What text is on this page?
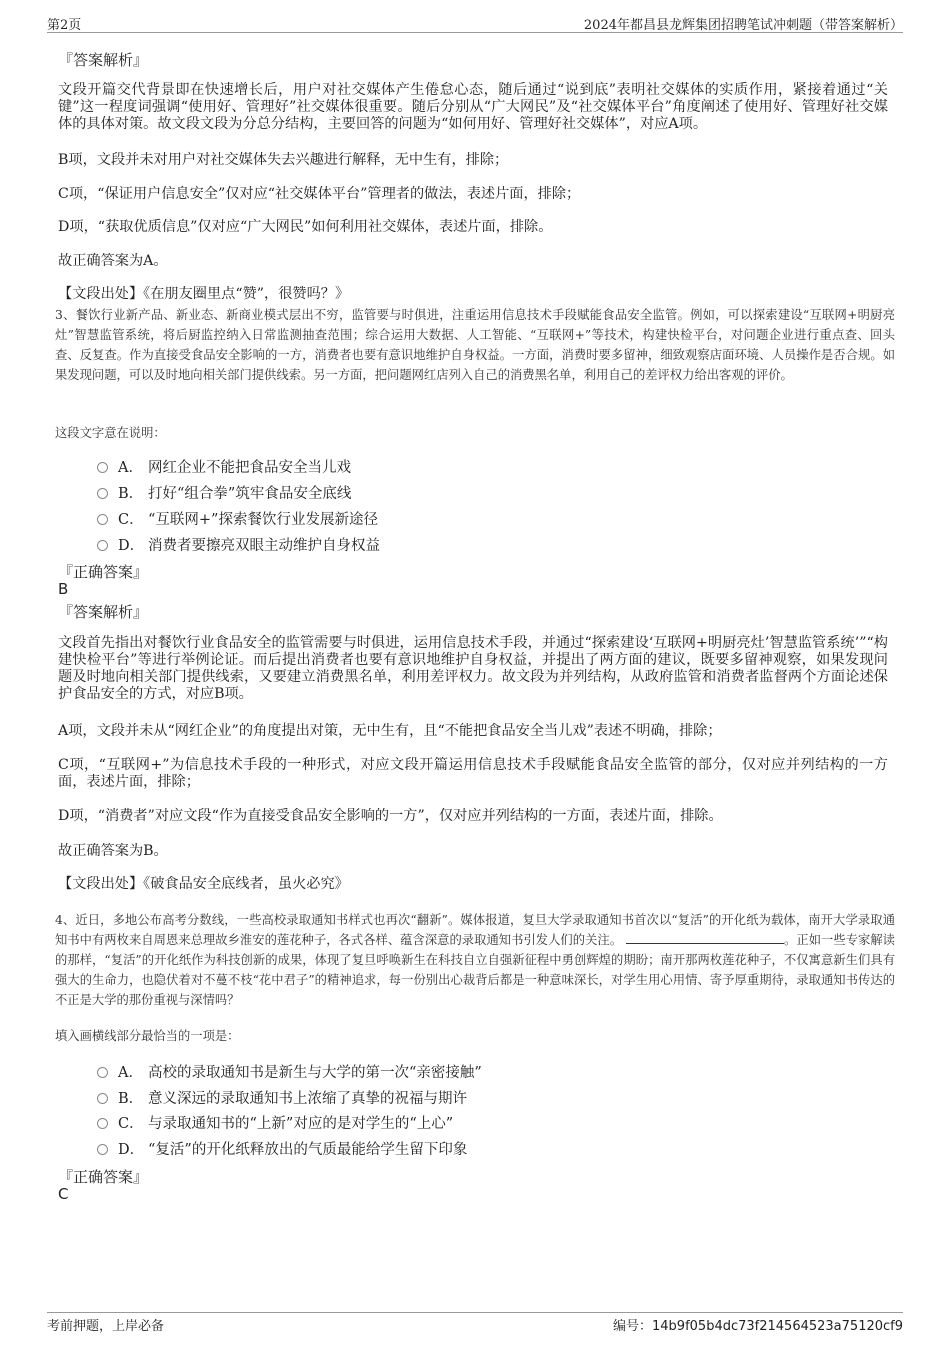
第2页	2024年都昌县龙辉集团招聘笔试冲刺题（带答案解析）
『答案解析』
文段开篇交代背景即在快速增长后，用户对社交媒体产生倦怠心态，随后通过“说到底”表明社交媒体的实质作用，紧接着通过“关键”这一程度词强调“使用好、管理好”社交媒体很重要。随后分别从“广大网民”及“社交媒体平台”角度阐述了使用好、管理好社交媒体的具体对策。故文段文段为分总分结构，主要回答的问题为“如何用好、管理好社交媒体”，对应A项。
B项，文段并未对用户对社交媒体失去兴趣进行解释，无中生有，排除；
C项，“保证用户信息安全”仅对应“社交媒体平台”管理者的做法，表述片面，排除；
D项，“获取优质信息”仅对应“广大网民”如何利用社交媒体，表述片面，排除。
故正确答案为A。
【文段出处】《在朋友圈里点“赞”，很赞吗？》
3、餐饮行业新产品、新业态、新商业模式层出不穷，监管要与时俱进，注重运用信息技术手段赋能食品安全监管。例如，可以探索建设“互联网+明厨亮灶”智慧监管系统，将后厨监控纳入日常监测抽查范围；综合运用大数据、人工智能、“互联网+”等技术，构建快检平台，对问题企业进行重点查、回头查、反复查。作为直接受食品安全影响的一方，消费者也要有意识地维护自身权益。一方面，消费时要多留神，细致观察店面环境、人员操作是否合规。如果发现问题，可以及时地向相关部门提供线索。另一方面，把问题网红店列入自己的消费黑名单，利用自己的差评权力给出客观的评价。
这段文字意在说明：
A． 网红企业不能把食品安全当儿戏
B． 打好“组合拳”筑牢食品安全底线
C． “互联网+”探索餐饮行业发展新途径
D． 消费者要擦亮双眼主动维护自身权益
『正确答案』
B
『答案解析』
文段首先指出对餐饮行业食品安全的监管需要与时俱进，运用信息技术手段，并通过“探索建设‘互联网+明厨亮灶’智慧监管系统’”“构建快检平台”等进行举例论证。而后提出消费者也要有意识地维护自身权益，并提出了两方面的建议，既要多留神观察，如果发现问题及时地向相关部门提供线索，又要建立消费黑名单，利用差评权力。故文段为并列结构，从政府监管和消费者监督两个方面论述保护食品安全的方式，对应B项。
A项，文段并未从“网红企业”的角度提出对策，无中生有，且“不能把食品安全当儿戏”表述不明确，排除；
C项，“互联网+”为信息技术手段的一种形式，对应文段开篇运用信息技术手段赋能食品安全监管的部分，仅对应并列结构的一方面，表述片面，排除；
D项，“消费者”对应文段“作为直接受食品安全影响的一方”，仅对应并列结构的一方面，表述片面，排除。
故正确答案为B。
【文段出处】《破食品安全底线者，虽火必究》
4、近日，多地公布高考分数线，一些高校录取通知书样式也再次“翻新”。媒体报道，复旦大学录取通知书首次以“复活”的开化纸为载体，南开大学录取通知书中有两枚来自周恩来总理故乡淮安的莲花种子，各式各样、蕴含深意的录取通知书引发人们的关注。	。正如一些专家解读的那样，“复活”的开化纸作为科技创新的成果，体现了复旦呼唤新生在科技自立自强新征程中勇创辉煌的期盼；南开那两枚莲花种子，不仅寓意新生们具有强大的生命力，也隐伏着对不蔓不枝“花中君子”的精神追求，每一份别出心裁背后都是一种意味深长，对学生用心用情、寄予厚重期待，录取通知书传达的不正是大学的那份重视与深情吗？
填入画横线部分最恰当的一项是：
A． 高校的录取通知书是新生与大学的第一次“亲密接触”
B． 意义深远的录取通知书上浓缩了真挚的祝福与期许
C． 与录取通知书的“上新”对应的是对学生的“上心”
D． “复活”的开化纸释放出的气质最能给学生留下印象
『正确答案』
C
考前押题，上岸必备	编号：14b9f05b4dc73f214564523a75120cf9
